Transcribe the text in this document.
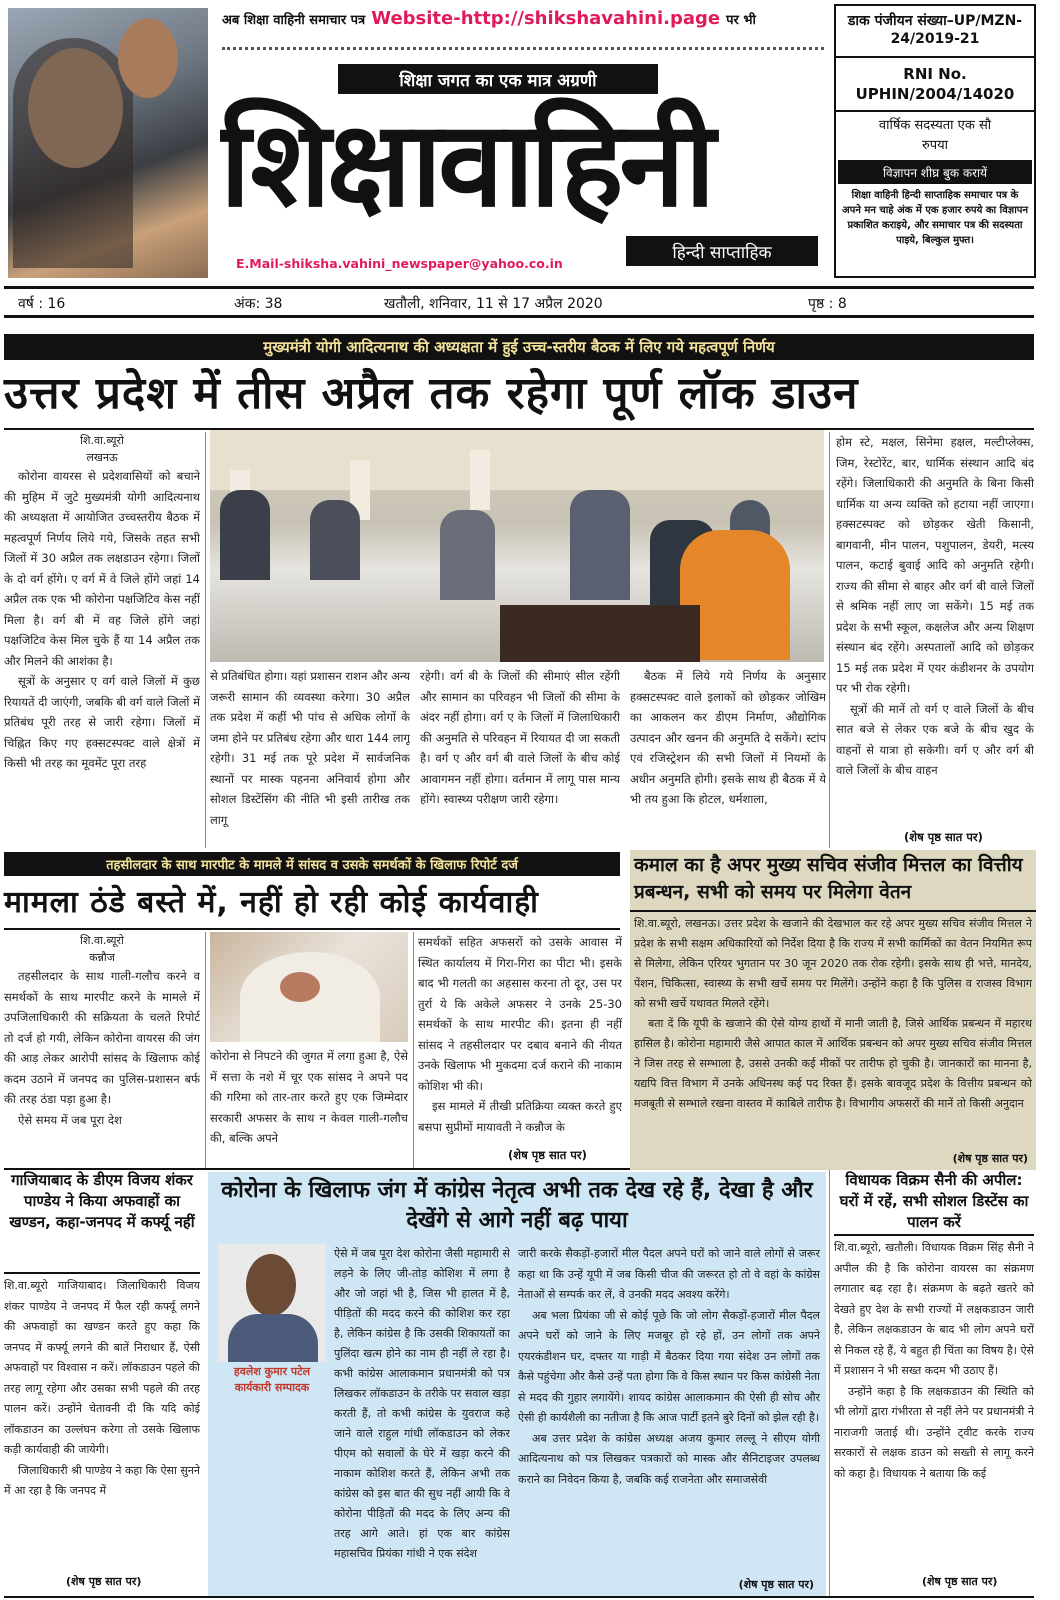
अब शिक्षा वाहिनी समाचार पत्र Website-http://shikshavahini.page पर भी
शिक्षा जगत का एक मात्र अग्रणी
शिक्षावाहिनी
हिन्दी साप्ताहिक
E.Mail-shiksha.vahini_newspaper@yahoo.co.in
डाक पंजीयन संख्या–UP/MZN-24/2019-21
RNI No. UPHIN/2004/14020
वार्षिक सदस्यता एक सौ रुपया
विज्ञापन शीघ्र बुक करायें
शिक्षा वाहिनी हिन्दी साप्ताहिक समाचार पत्र के अपने मन चाहे अंक में एक हजार रुपये का विज्ञापन प्रकाशित कराइये, और समाचार पत्र की सदस्यता पाइये, बिल्कुल मुफ्त।
वर्ष : 16	अंक: 38	खतौली, शनिवार, 11 से 17 अप्रैल 2020	पृष्ठ : 8
मुख्यमंत्री योगी आदित्यनाथ की अध्यक्षता में हुई उच्च-स्तरीय बैठक में लिए गये महत्वपूर्ण निर्णय
उत्तर प्रदेश में तीस अप्रैल तक रहेगा पूर्ण लॉक डाउन
शि.वा.ब्यूरो
लखनऊ

कोरोना वायरस से प्रदेशवासियों को बचाने की मुहिम में जुटे मुख्यमंत्री योगी आदित्यनाथ की अध्यक्षता में आयोजित उच्चस्तरीय बैठक में महत्वपूर्ण निर्णय लिये गये, जिसके तहत सभी जिलों में 30 अप्रैल तक लक्षडाउन रहेगा। जिलों के दो वर्ग होंगे। ए वर्ग में वे जिले होंगे जहां 14 अप्रैल तक एक भी कोरोना पक्षजिटिव केस नहीं मिला है। वर्ग बी में वह जिले होंगे जहां पक्षजिटिव केस मिल चुके हैं या 14 अप्रैल तक और मिलने की आशंका है।

सूत्रों के अनुसार ए वर्ग वाले जिलों में कुछ रियायतें दी जाएंगी, जबकि बी वर्ग वाले जिलों में प्रतिबंध पूरी तरह से जारी रहेगा। जिलों में चिह्नित किए गए हक्सटस्पक्ट वाले क्षेत्रों में किसी भी तरह का मूवमेंट पूरा तरह

से प्रतिबंधित होगा। यहां प्रशासन राशन और अन्य जरूरी सामान की व्यवस्था करेगा। 30 अप्रैल तक प्रदेश में कहीं भी पांच से अधिक लोगों के जमा होने पर प्रतिबंध रहेगा और धारा 144 लागू रहेगी। 31 मई तक पूरे प्रदेश में सार्वजनिक स्थानों पर मास्क पहनना अनिवार्य होगा और सोशल डिस्टेंसिंग की नीति भी इसी तारीख तक लागू

रहेगी। वर्ग बी के जिलों की सीमाएं सील रहेंगी और सामान का परिवहन भी जिलों की सीमा के अंदर नहीं होगा। वर्ग ए के जिलों में जिलाधिकारी की अनुमति से परिवहन में रियायत दी जा सकती है। वर्ग ए और वर्ग बी वाले जिलों के बीच कोई आवागमन नहीं होगा। वर्तमान में लागू पास मान्य होंगे। स्वास्थ्य परीक्षण जारी रहेगा।

बैठक में लिये गये निर्णय के अनुसार हक्सटस्पक्ट वाले इलाकों को छोड़कर जोखिम का आकलन कर डीएम निर्माण, औद्योगिक उत्पादन और खनन की अनुमति दे सकेंगे। स्टांप एवं रजिस्ट्रेशन की सभी जिलों में नियमों के अधीन अनुमति होगी। इसके साथ ही बैठक में ये भी तय हुआ कि होटल, धर्मशाला,

होम स्टे, मक्षल, सिनेमा हक्षल, मल्टीप्लेक्स, जिम, रेस्टोरेंट, बार, धार्मिक संस्थान आदि बंद रहेंगे। जिलाधिकारी की अनुमति के बिना किसी धार्मिक या अन्य व्यक्ति को हटाया नहीं जाएगा। हक्सटस्पक्ट को छोड़कर खेती किसानी, बागवानी, मीन पालन, पशुपालन, डेयरी, मत्स्य पालन, कटाई बुवाई आदि को अनुमति रहेगी। राज्य की सीमा से बाहर और वर्ग बी वाले जिलों से श्रमिक नहीं लाए जा सकेंगे। 15 मई तक प्रदेश के सभी स्कूल, कक्षलेज और अन्य शिक्षण संस्थान बंद रहेंगे। अस्पतालों आदि को छोड़कर 15 मई तक प्रदेश में एयर कंडीशनर के उपयोग पर भी रोक रहेगी।

सूत्रों की मानें तो वर्ग ए वाले जिलों के बीच सात बजे से लेकर एक बजे के बीच खुद के वाहनों से यात्रा हो सकेगी। वर्ग ए और वर्ग बी वाले जिलों के बीच वाहन

(शेष पृष्ठ सात पर)
तहसीलदार के साथ मारपीट के मामले में सांसद व उसके समर्थकों के खिलाफ रिपोर्ट दर्ज
मामला ठंडे बस्ते में, नहीं हो रही कोई कार्यवाही
शि.वा.ब्यूरो
कन्नौज

तहसीलदार के साथ गाली-गलौच करने व समर्थकों के साथ मारपीट करने के मामले में उपजिलाधिकारी की सक्रियता के चलते रिपोर्ट तो दर्ज हो गयी, लेकिन कोरोना वायरस की जंग की आड़ लेकर आरोपी सांसद के खिलाफ कोई कदम उठाने में जनपद का पुलिस-प्रशासन बर्फ की तरह ठंडा पड़ा हुआ है।

ऐसे समय में जब पूरा देश

कोरोना से निपटने की जुगत में लगा हुआ है, ऐसे में सत्ता के नशे में चूर एक सांसद ने अपने पद की गरिमा को तार-तार करते हुए एक जिम्मेदार सरकारी अफसर के साथ न केवल गाली-गलौच की, बल्कि अपने

समर्थकों सहित अफसरों को उसके आवास में स्थित कार्यालय में गिरा-गिरा का पीटा भी। इसके बाद भी गलती का अहसास करना तो दूर, उस पर तुर्रा ये कि अकेले अफसर ने उनके 25-30 समर्थकों के साथ मारपीट की। इतना ही नहीं सांसद ने तहसीलदार पर दबाव बनाने की नीयत उनके खिलाफ भी मुकदमा दर्ज कराने की नाकाम कोशिश भी की।

इस मामले में तीखी प्रतिक्रिया व्यक्त करते हुए बसपा सुप्रीमों मायावती ने कन्नौज के

(शेष पृष्ठ सात पर)
कमाल का है अपर मुख्य सचिव संजीव मित्तल का वित्तीय प्रबन्धन, सभी को समय पर मिलेगा वेतन

शि.वा.ब्यूरो, लखनऊ। उत्तर प्रदेश के खजाने की देखभाल कर रहे अपर मुख्य सचिव संजीव मित्तल ने प्रदेश के सभी सक्षम अधिकारियों को निर्देश दिया है कि राज्य में सभी कार्मिकों का वेतन नियमित रूप से मिलेगा, लेकिन एरियर भुगतान पर 30 जून 2020 तक रोक रहेगी। इसके साथ ही भत्ते, मानदेय, पेंशन, चिकित्सा, स्वास्थ्य के सभी खर्चे समय पर मिलेंगे। उन्होंने कहा है कि पुलिस व राजस्व विभाग को सभी खर्चे यथावत मिलते रहेंगे।

बता दें कि यूपी के खजाने की ऐसे योग्य हाथों में मानी जाती है, जिसे आर्थिक प्रबन्धन में महारथ हासिल है। कोरोना महामारी जैसे आपात काल में आर्थिक प्रबन्धन को अपर मुख्य सचिव संजीव मित्तल ने जिस तरह से सम्भाला है, उससे उनकी कई मीकों पर तारीफ हो चुकी है। जानकारों का मानना है, यद्यपि वित्त विभाग में उनके अधिनस्थ कई पद रिक्त हैं। इसके बावजूद प्रदेश के वित्तीय प्रबन्धन को मजबूती से सम्भाले रखना वास्तव में काबिले तारीफ है। विभागीय अफसरों की मानें तो किसी अनुदान

(शेष पृष्ठ सात पर)
गाजियाबाद के डीएम विजय शंकर पाण्डेय ने किया अफवाहों का खण्डन, कहा-जनपद में कर्फ्यू नहीं

शि.वा.ब्यूरो गाजियाबाद। जिलाधिकारी विजय शंकर पाण्डेय ने जनपद में फैल रही कर्फ्यू लगने की अफवाहों का खण्डन करते हुए कहा कि जनपद में कर्फ्यू लगने की बातें निराधार हैं, ऐसी अफवाहों पर विश्वास न करें। लॉकडाउन पहले की तरह लागू रहेगा और उसका सभी पहले की तरह पालन करें। उन्होंने चेतावनी दी कि यदि कोई लॉकडाउन का उल्लंघन करेगा तो उसके खिलाफ कड़ी कार्यवाही की जायेगी।

जिलाधिकारी श्री पाण्डेय ने कहा कि ऐसा सुनने में आ रहा है कि जनपद में

(शेष पृष्ठ सात पर)
कोरोना के खिलाफ जंग में कांग्रेस नेतृत्व अभी तक देख रहे हैं, देखा है और देखेंगे से आगे नहीं बढ़ पाया
हवलेश कुमार पटेल
कार्यकारी सम्पादक

जारी करके सैकड़ों-हजारों मील पैदल अपने घरों को जाने वाले लोगों से जरूर कहा था कि उन्हें यूपी में जब किसी चीज की जरूरत हो तो वे वहां के कांग्रेस नेताओं से सम्पर्क कर लें, वे उनकी मदद अवश्य करेंगे।

अब भला प्रियंका जी से कोई पूछे कि जो लोग सैकड़ों-हजारों मील पैदल अपने घरों को जाने के लिए मजबूर हो रहे हों, उन लोगों तक अपने एयरकंडीशन घर, दफ्तर या गाड़ी में बैठकर दिया गया संदेश उन लोगों तक कैसे पहुंचेगा और कैसे उन्हें पता होगा कि वे किस स्थान पर किस कांग्रेसी नेता से मदद की गुहार लगायेंगे। शायद कांग्रेस आलाकमान की ऐसी ही सोच और ऐसी ही कार्यशैली का नतीजा है कि आज पार्टी इतने बुरे दिनों को झेल रही है।

अब उत्तर प्रदेश के कांग्रेस अध्यक्ष अजय कुमार लल्लू ने सीएम योगी आदित्यनाथ को पत्र लिखकर पत्रकारों को मास्क और सैनिटाइजर उपलब्ध कराने का निवेदन किया है, जबकि कई राजनेता और समाजसेवी

(शेष पृष्ठ सात पर)

ऐसे में जब पूरा देश कोरोना जैसी महामारी से लड़ने के लिए जी-तोड़ कोशिश में लगा है और जो जहां भी है, जिस भी हालत में है, पीड़ितों की मदद करने की कोशिश कर रहा है, लेकिन कांग्रेस है कि उसकी शिकायतों का पुलिंदा खत्म होने का नाम ही नहीं ले रहा है। कभी कांग्रेस आलाकमान प्रधानमंत्री को पत्र लिखकर लॉकडाउन के तरीके पर सवाल खड़ा करती हैं, तो कभी कांग्रेस के युवराज कहे जाने वाले राहुल गांधी लॉकडाउन को लेकर पीएम को सवालों के घेरे में खड़ा करने की नाकाम कोशिश करते हैं, लेकिन अभी तक कांग्रेस को इस बात की सुध नहीं आयी कि वे कोरोना पीड़ितों की मदद के लिए अन्य की तरह आगे आते। हां एक बार कांग्रेस महासचिव प्रियंका गांधी ने एक संदेश

विधायक विक्रम सैनी की अपील: घरों में रहें, सभी सोशल डिस्टेंस का पालन करें

शि.वा.ब्यूरो, खतौली। विधायक विक्रम सिंह सैनी ने अपील की है कि कोरोना वायरस का संक्रमण लगातार बढ़ रहा है। संक्रमण के बढ़ते खतरे को देखते हुए देश के सभी राज्यों में लक्षकडाउन जारी है, लेकिन लक्षकडाउन के बाद भी लोग अपने घरों से निकल रहे हैं, ये बहुत ही चिंता का विषय है। ऐसे में प्रशासन ने भी सख्त कदम भी उठाए हैं।

उन्होंने कहा है कि लक्षकडाउन की स्थिति को भी लोगों द्वारा गंभीरता से नहीं लेने पर प्रधानमंत्री ने नाराजगी जताई थी। उन्होंने ट्वीट करके राज्य सरकारों से लक्षक डाउन को सख्ती से लागू करने को कहा है। विधायक ने बताया कि कई

(शेष पृष्ठ सात पर)
